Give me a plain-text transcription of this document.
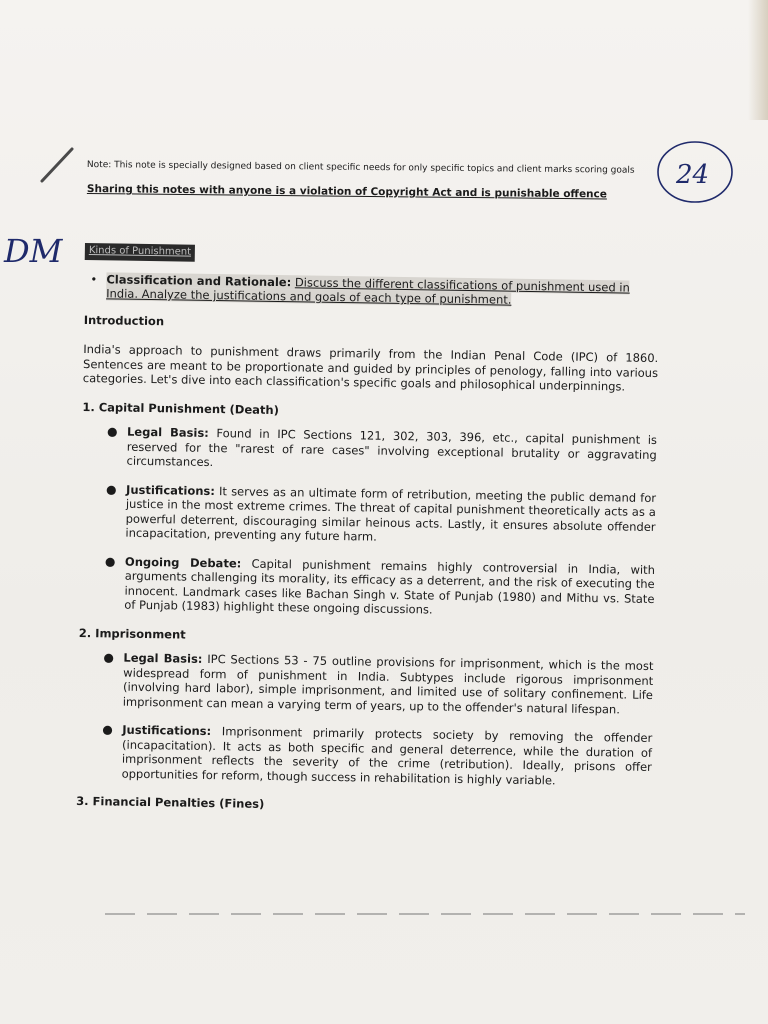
24
DM
Note: This note is specially designed based on client specific needs for only specific topics and client marks scoring goals
Sharing this notes with anyone is a violation of Copyright Act and is punishable offence
Kinds of Punishment
• Classification and Rationale: Discuss the different classifications of punishment used in India. Analyze the justifications and goals of each type of punishment.
Introduction
India's approach to punishment draws primarily from the Indian Penal Code (IPC) of 1860. Sentences are meant to be proportionate and guided by principles of penology, falling into various categories. Let's dive into each classification's specific goals and philosophical underpinnings.
1. Capital Punishment (Death)
● Legal Basis: Found in IPC Sections 121, 302, 303, 396, etc., capital punishment is reserved for the "rarest of rare cases" involving exceptional brutality or aggravating circumstances.
● Justifications: It serves as an ultimate form of retribution, meeting the public demand for justice in the most extreme crimes. The threat of capital punishment theoretically acts as a powerful deterrent, discouraging similar heinous acts. Lastly, it ensures absolute offender incapacitation, preventing any future harm.
● Ongoing Debate: Capital punishment remains highly controversial in India, with arguments challenging its morality, its efficacy as a deterrent, and the risk of executing the innocent. Landmark cases like Bachan Singh v. State of Punjab (1980) and Mithu vs. State of Punjab (1983) highlight these ongoing discussions.
2. Imprisonment
● Legal Basis: IPC Sections 53 - 75 outline provisions for imprisonment, which is the most widespread form of punishment in India. Subtypes include rigorous imprisonment (involving hard labor), simple imprisonment, and limited use of solitary confinement. Life imprisonment can mean a varying term of years, up to the offender's natural lifespan.
● Justifications: Imprisonment primarily protects society by removing the offender (incapacitation). It acts as both specific and general deterrence, while the duration of imprisonment reflects the severity of the crime (retribution). Ideally, prisons offer opportunities for reform, though success in rehabilitation is highly variable.
3. Financial Penalties (Fines)
